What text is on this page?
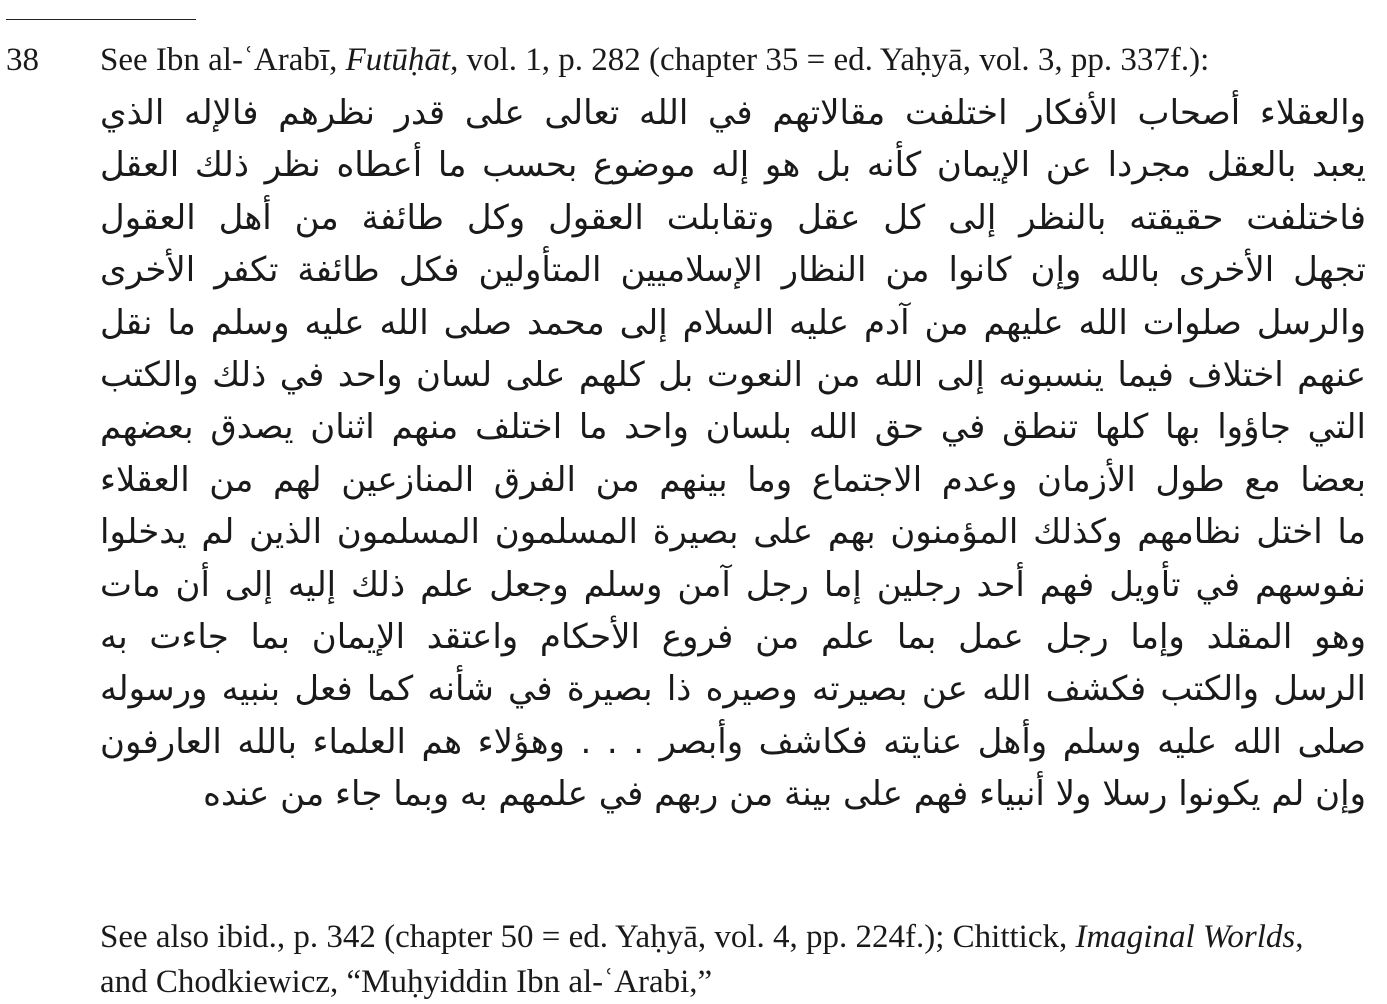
38 See Ibn al-ʿArabī, Futūḥāt, vol. 1, p. 282 (chapter 35 = ed. Yaḥyā, vol. 3, pp. 337f.):
والعقلاء أصحاب الأفكار اختلفت مقالاتهم في الله تعالى على قدر نظرهم فالإله الذي
يعبد بالعقل مجردا عن الإيمان كأنه بل هو إله موضوع بحسب ما أعطاه نظر ذلك العقل
فاختلفت حقيقته بالنظر إلى كل عقل وتقابلت العقول وكل طائفة من أهل العقول
تجهل الأخرى بالله وإن كانوا من النظار الإسلاميين المتأولين فكل طائفة تكفر الأخرى
والرسل صلوات الله عليهم من آدم عليه السلام إلى محمد صلى الله عليه وسلم ما نقل
عنهم اختلاف فيما ينسبونه إلى الله من النعوت بل كلهم على لسان واحد في ذلك والكتب
التي جاؤوا بها كلها تنطق في حق الله بلسان واحد ما اختلف منهم اثنان يصدق بعضهم
بعضا مع طول الأزمان وعدم الاجتماع وما بينهم من الفرق المنازعين لهم من العقلاء
ما اختل نظامهم وكذلك المؤمنون بهم على بصيرة المسلمون المسلمون الذين لم يدخلوا
نفوسهم في تأويل فهم أحد رجلين إما رجل آمن وسلم وجعل علم ذلك إليه إلى أن مات
وهو المقلد وإما رجل عمل بما علم من فروع الأحكام واعتقد الإيمان بما جاءت به
الرسل والكتب فكشف الله عن بصيرته وصيره ذا بصيرة في شأنه كما فعل بنبيه ورسوله
صلى الله عليه وسلم وأهل عنايته فكاشف وأبصر . . . وهؤلاء هم العلماء بالله العارفون
وإن لم يكونوا رسلا ولا أنبياء فهم على بينة من ربهم في علمهم به وبما جاء من عنده
See also ibid., p. 342 (chapter 50 = ed. Yaḥyā, vol. 4, pp. 224f.); Chittick, Imaginal Worlds,
and Chodkiewicz, “Muḥyiddin Ibn al-ʿArabi,”
